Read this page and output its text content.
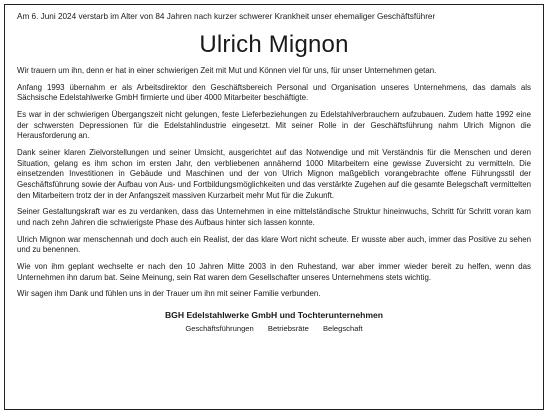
Am 6. Juni 2024 verstarb im Alter von 84 Jahren nach kurzer schwerer Krankheit unser ehemaliger Geschäftsführer
Ulrich Mignon

Wir trauern um ihn, denn er hat in einer schwierigen Zeit mit Mut und Können viel für uns, für unser Unternehmen getan.

Anfang 1993 übernahm er als Arbeitsdirektor den Geschäftsbereich Personal und Organisation unseres Unternehmens, das damals als Sächsische Edelstahlwerke GmbH firmierte und über 4000 Mitarbeiter beschäftigte.

Es war in der schwierigen Übergangszeit nicht gelungen, feste Lieferbeziehungen zu Edelstahlverbrauchern aufzubauen. Zudem hatte 1992 eine der schwersten Depressionen für die Edelstahlindustrie eingesetzt. Mit seiner Rolle in der Geschäftsführung nahm Ulrich Mignon die Herausforderung an.

Dank seiner klaren Zielvorstellungen und seiner Umsicht, ausgerichtet auf das Notwendige und mit Verständnis für die Menschen und deren Situation, gelang es ihm schon im ersten Jahr, den verbliebenen annähernd 1000 Mitarbeitern eine gewisse Zuversicht zu vermitteln. Die einsetzenden Investitionen in Gebäude und Maschinen und der von Ulrich Mignon maßgeblich vorangebrachte offene Führungsstil der Geschäftsführung sowie der Aufbau von Aus- und Fortbildungsmöglichkeiten und das verstärkte Zugehen auf die gesamte Belegschaft vermittelten den Mitarbeitern trotz der in der Anfangszeit massiven Kurzarbeit mehr Mut für die Zukunft.

Seiner Gestaltungskraft war es zu verdanken, dass das Unternehmen in eine mittelständische Struktur hineinwuchs, Schritt für Schritt voran kam und nach zehn Jahren die schwierigste Phase des Aufbaus hinter sich lassen konnte.

Ulrich Mignon war menschennah und doch auch ein Realist, der das klare Wort nicht scheute. Er wusste aber auch, immer das Positive zu sehen und zu benennen.

Wie von ihm geplant wechselte er nach den 10 Jahren Mitte 2003 in den Ruhestand, war aber immer wieder bereit zu helfen, wenn das Unternehmen ihn darum bat. Seine Meinung, sein Rat waren dem Gesellschafter unseres Unternehmens stets wichtig.

Wir sagen ihm Dank und fühlen uns in der Trauer um ihn mit seiner Familie verbunden.

BGH Edelstahlwerke GmbH und Tochterunternehmen
Geschäftsführungen Betriebsräte Belegschaft
